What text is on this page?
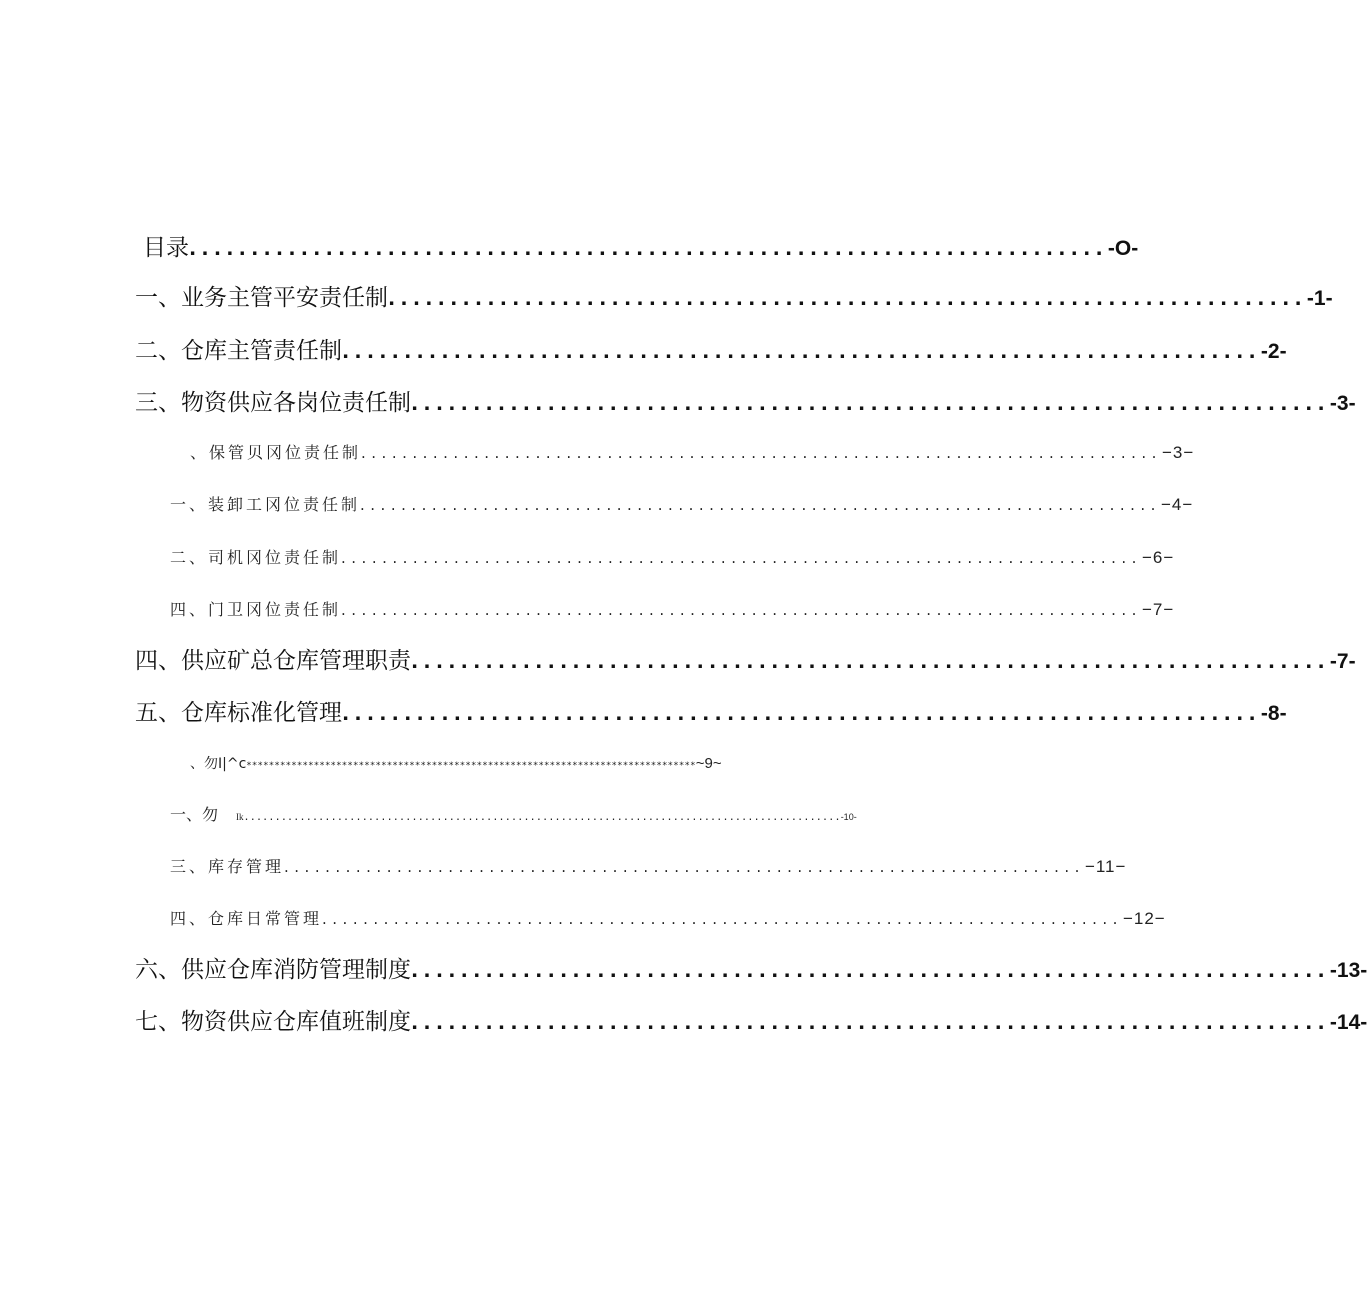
目录 .......................................................................... -O-
一、业务主管平安责任制 .......................................................................... -1-
二、仓库主管责任制 .......................................................................... -2-
三、物资供应各岗位责任制 .......................................................................... -3-
、保管贝冈位责任制 .............................................................................. −3−
一、装卸工冈位责任制 .............................................................................. −4−
二、司机冈位责任制 .............................................................................. −6−
四、门卫冈位责任制 .............................................................................. −7−
四、供应矿总仓库管理职责 .......................................................................... -7-
五、仓库标准化管理 .......................................................................... -8-
、勿I|^c ******************************************************************************** ~9~
一、勿 Ik ................................................................................................ -10-
三、库存管理 .............................................................................. −11−
四、仓库日常管理 .............................................................................. −12−
六、供应仓库消防管理制度 .......................................................................... -13-
七、物资供应仓库值班制度 .......................................................................... -14-
